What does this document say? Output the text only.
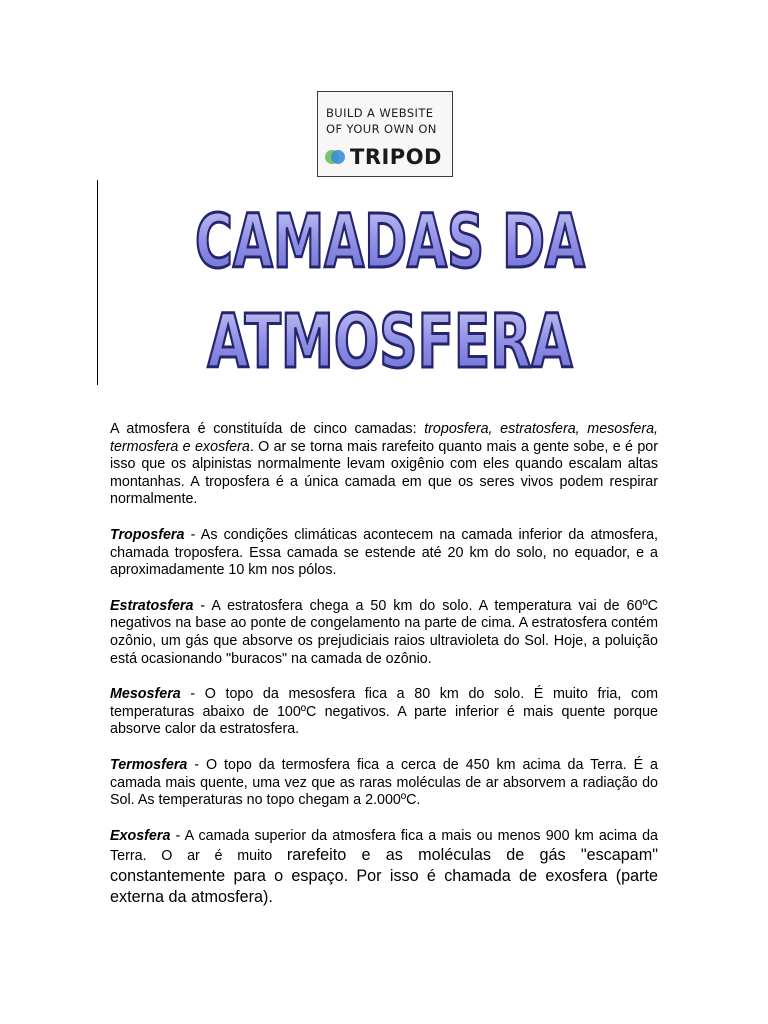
BUILD A WEBSITE
OF YOUR OWN ON
TRIPOD
CAMADAS DA
ATMOSFERA

A atmosfera é constituída de cinco camadas: troposfera, estratosfera, mesosfera, termosfera e exosfera. O ar se torna mais rarefeito quanto mais a gente sobe, e é por isso que os alpinistas normalmente levam oxigênio com eles quando escalam altas montanhas. A troposfera é a única camada em que os seres vivos podem respirar normalmente.

Troposfera - As condições climáticas acontecem na camada inferior da atmosfera, chamada troposfera. Essa camada se estende até 20 km do solo, no equador, e a aproximadamente 10 km nos pólos.

Estratosfera - A estratosfera chega a 50 km do solo. A temperatura vai de 60ºC negativos na base ao ponte de congelamento na parte de cima. A estratosfera contém ozônio, um gás que absorve os prejudiciais raios ultravioleta do Sol. Hoje, a poluição está ocasionando "buracos" na camada de ozônio.

Mesosfera - O topo da mesosfera fica a 80 km do solo. É muito fria, com temperaturas abaixo de 100ºC negativos. A parte inferior é mais quente porque absorve calor da estratosfera.

Termosfera - O topo da termosfera fica a cerca de 450 km acima da Terra. É a camada mais quente, uma vez que as raras moléculas de ar absorvem a radiação do Sol. As temperaturas no topo chegam a 2.000ºC.

Exosfera - A camada superior da atmosfera fica a mais ou menos 900 km acima da Terra. O ar é muito rarefeito e as moléculas de gás "escapam" constantemente para o espaço. Por isso é chamada de exosfera (parte externa da atmosfera).
